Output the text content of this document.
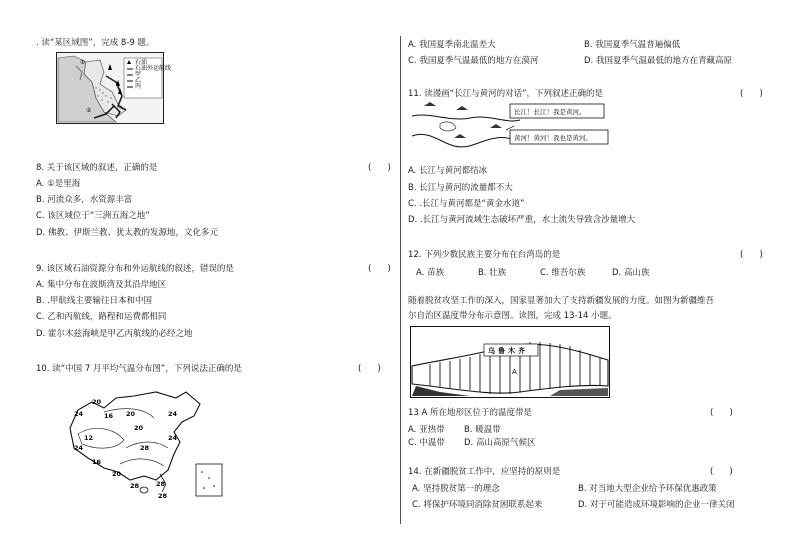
. 读“某区域图”，完成 8-9 题。
石油
石油外运航线
甲
乙
丙
①
②
8. 关于该区域的叙述，正确的是	(      )
A. ①是里海
B. 河流众多，水资源丰富
C. 该区域位于“三洲五海之地”
D. 佛教、伊斯兰教、犹太教的发源地，文化多元
9. 该区域石油资源分布和外运航线的叙述，错误的是	(      )
A. 集中分布在波斯湾及其沿岸地区
B. .甲航线主要输往日本和中国
C. 乙和丙航线，路程和运费都相同
D. 霍尔木兹海峡是甲乙丙航线的必经之地
10. 读“中国 7 月平均气温分布图”，下列说法正确的是	(      )
20
24	16 20	24
12
24
20
28
24
16
20
28
28
28
A. 我国夏季南北温差大	B. 我国夏季气温普遍偏低
C. 我国夏季气温最低的地方在漠河	D. 我国夏季气温最低的地方在青藏高原
11. 读漫画“长江与黄河的对话”，下列叙述正确的是	(      )
长江！长江！我是黄河。
黄河！黄河！我也是黄河。
A. 长江与黄河都结冰
B. 长江与黄河的流量都不大
C. .长江与黄河都是“黄金水道”
D. .长江与黄河流域生态破坏严重，水土流失导致含沙量增大
12. 下列少数民族主要分布在台湾岛的是	(      )
A. 苗族	B. 壮族	C. 维吾尔族	D. 高山族
随着脱贫攻坚工作的深入，国家显著加大了支持新疆发展的力度。如图为新疆维吾
尔自治区温度带分布示意图。读图，完成 13-14 小题。
乌鲁木齐
A
13 A 所在地形区位于的温度带是	(      )
A. 亚热带 B. 暖温带
C. 中温带 D. 高山高原气候区
14. 在新疆脱贫工作中，应坚持的原则是	(      )
A. 坚持脱贫第一的理念	B. 对当地大型企业给予环保优惠政策
C. 将保护环境同消除贫困联系起来	D. 对于可能造成环境影响的企业一律关闭
